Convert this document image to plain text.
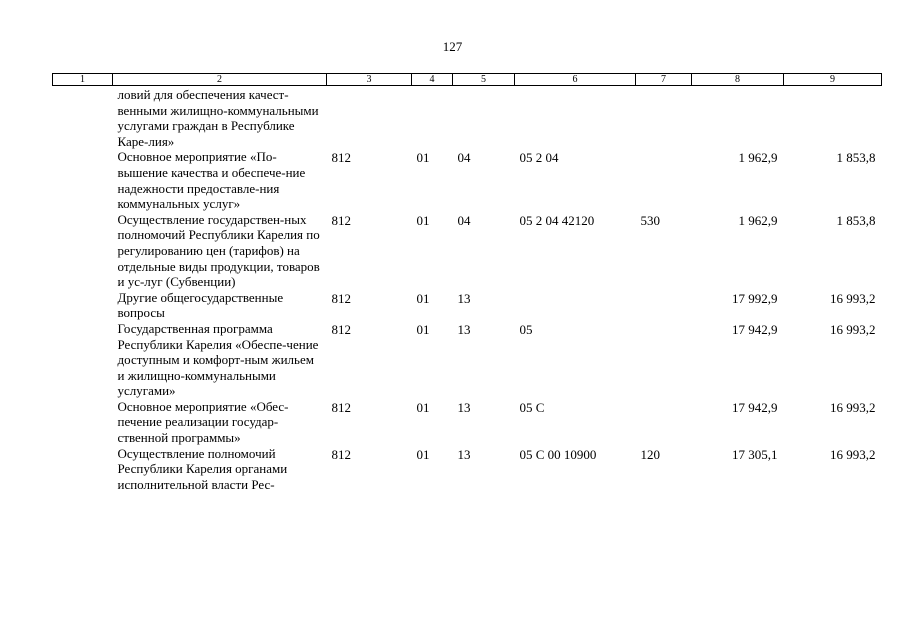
127
1	2	3	4	5	6	7	8	9
	ловий для обеспечения качест-венными жилищно-коммунальными услугами граждан в Республике Каре-лия»							
	Основное мероприятие «По-вышение качества и обеспече-ние надежности предоставле-ния коммунальных услуг»	812	01	04	05 2 04		1 962,9	1 853,8
	Осуществление государствен-ных полномочий Республики Карелия по регулированию цен (тарифов) на отдельные виды продукции, товаров и ус-луг (Субвенции)	812	01	04	05 2 04 42120	530	1 962,9	1 853,8
	Другие общегосударственные вопросы	812	01	13			17 992,9	16 993,2
	Государственная программа Республики Карелия «Обеспе-чение доступным и комфорт-ным жильем и жилищно-коммунальными услугами»	812	01	13	05		17 942,9	16 993,2
	Основное мероприятие «Обес-печение реализации государ-ственной программы»	812	01	13	05 С		17 942,9	16 993,2
	Осуществление полномочий Республики Карелия органами исполнительной власти Рес-	812	01	13	05 С 00 10900	120	17 305,1	16 993,2
